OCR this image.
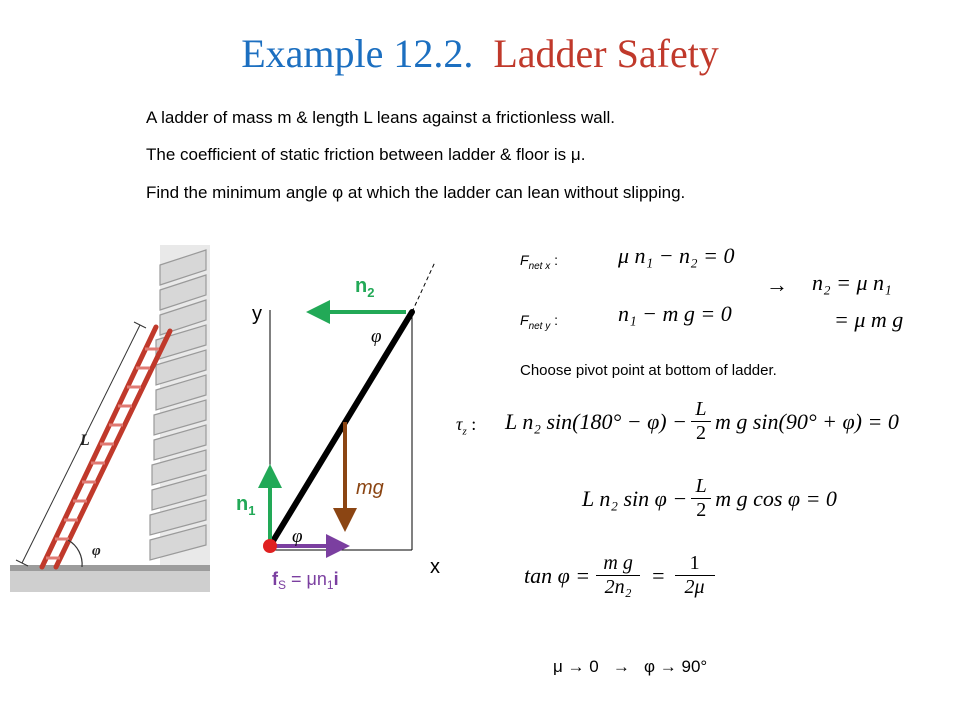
Example 12.2. Ladder Safety
A ladder of mass m & length L leans against a frictionless wall.
The coefficient of static friction between ladder & floor is μ.
Find the minimum angle φ at which the ladder can lean without slipping.
L
φ
y
x
$n_2$
$n_1$
mg
φ
φ
$f_S = \mu n_1i$
$F_{net x}$ :	μ n₁ − n₂ = 0
$F_{net y}$ :	n₁ − m g = 0
→ n₂ = μ n₁
= μ m g
Choose pivot point at bottom of ladder.
$\tau_z$ : L n₂ sin(180° − φ) − L
2 m g sin(90° + φ) = 0
L n₂ sin φ − L
2 m g cos φ = 0
tan φ = m g
2n₂ = 1
2μ
μ → 0   →   φ → 90°
